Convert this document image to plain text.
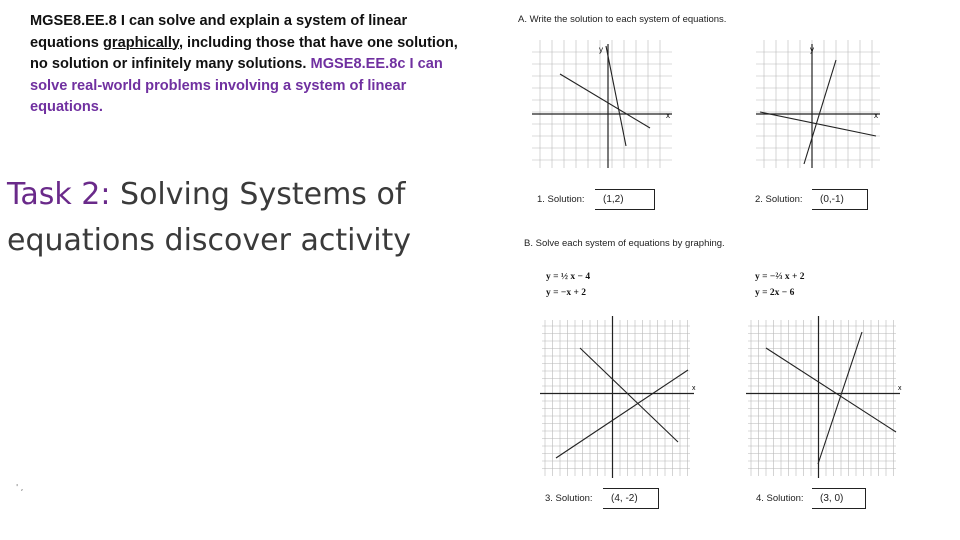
MGSE8.EE.8 I can solve and explain a system of linear equations graphically, including those that have one solution, no solution or infinitely many solutions. MGSE8.EE.8c I can solve real-world problems involving a system of linear equations.
Task 2: Solving Systems of equations discover activity
' ,
A. Write the solution to each system of equations.
y
x
y
x
1. Solution:	(1,2)	2. Solution:	(0,-1)
B. Solve each system of equations by graphing.
y = ½ x − 4
y = −x + 2
y = −⅔ x + 2
y = 2x − 6
x	x
3. Solution:	(4, -2)	4. Solution:	(3, 0)
